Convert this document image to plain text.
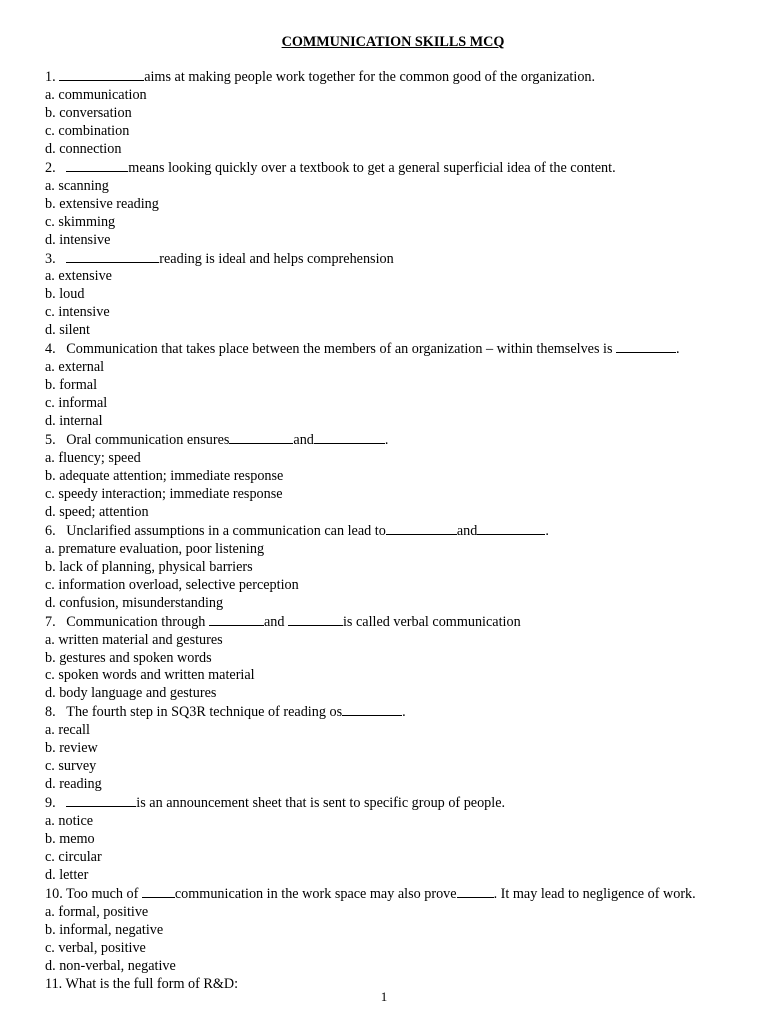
COMMUNICATION SKILLS MCQ
1.	aims at making people work together for the common good of the organization.
a. communication
b. conversation
c. combination
d. connection
2.	means looking quickly over a textbook to get a general superficial idea of the content.
a. scanning
b. extensive reading
c. skimming
d. intensive
3.	reading is ideal and helps comprehension
a. extensive
b. loud
c. intensive
d. silent
4. Communication that takes place between the members of an organization – within themselves is	.
a. external
b. formal
c. informal
d. internal
5. Oral communication ensures	and	.
a. fluency; speed
b. adequate attention; immediate response
c. speedy interaction; immediate response
d. speed; attention
6. Unclarified assumptions in a communication can lead to	and	.
a. premature evaluation, poor listening
b. lack of planning, physical barriers
c. information overload, selective perception
d. confusion, misunderstanding
7. Communication through	and	is called verbal communication
a. written material and gestures
b. gestures and spoken words
c. spoken words and written material
d. body language and gestures
8. The fourth step in SQ3R technique of reading os	.
a. recall
b. review
c. survey
d. reading
9.	is an announcement sheet that is sent to specific group of people.
a. notice
b. memo
c. circular
d. letter
10. Too much of	communication in the work space may also prove	. It may lead to negligence of work.
a. formal, positive
b. informal, negative
c. verbal, positive
d. non-verbal, negative
11. What is the full form of R&D:
1
